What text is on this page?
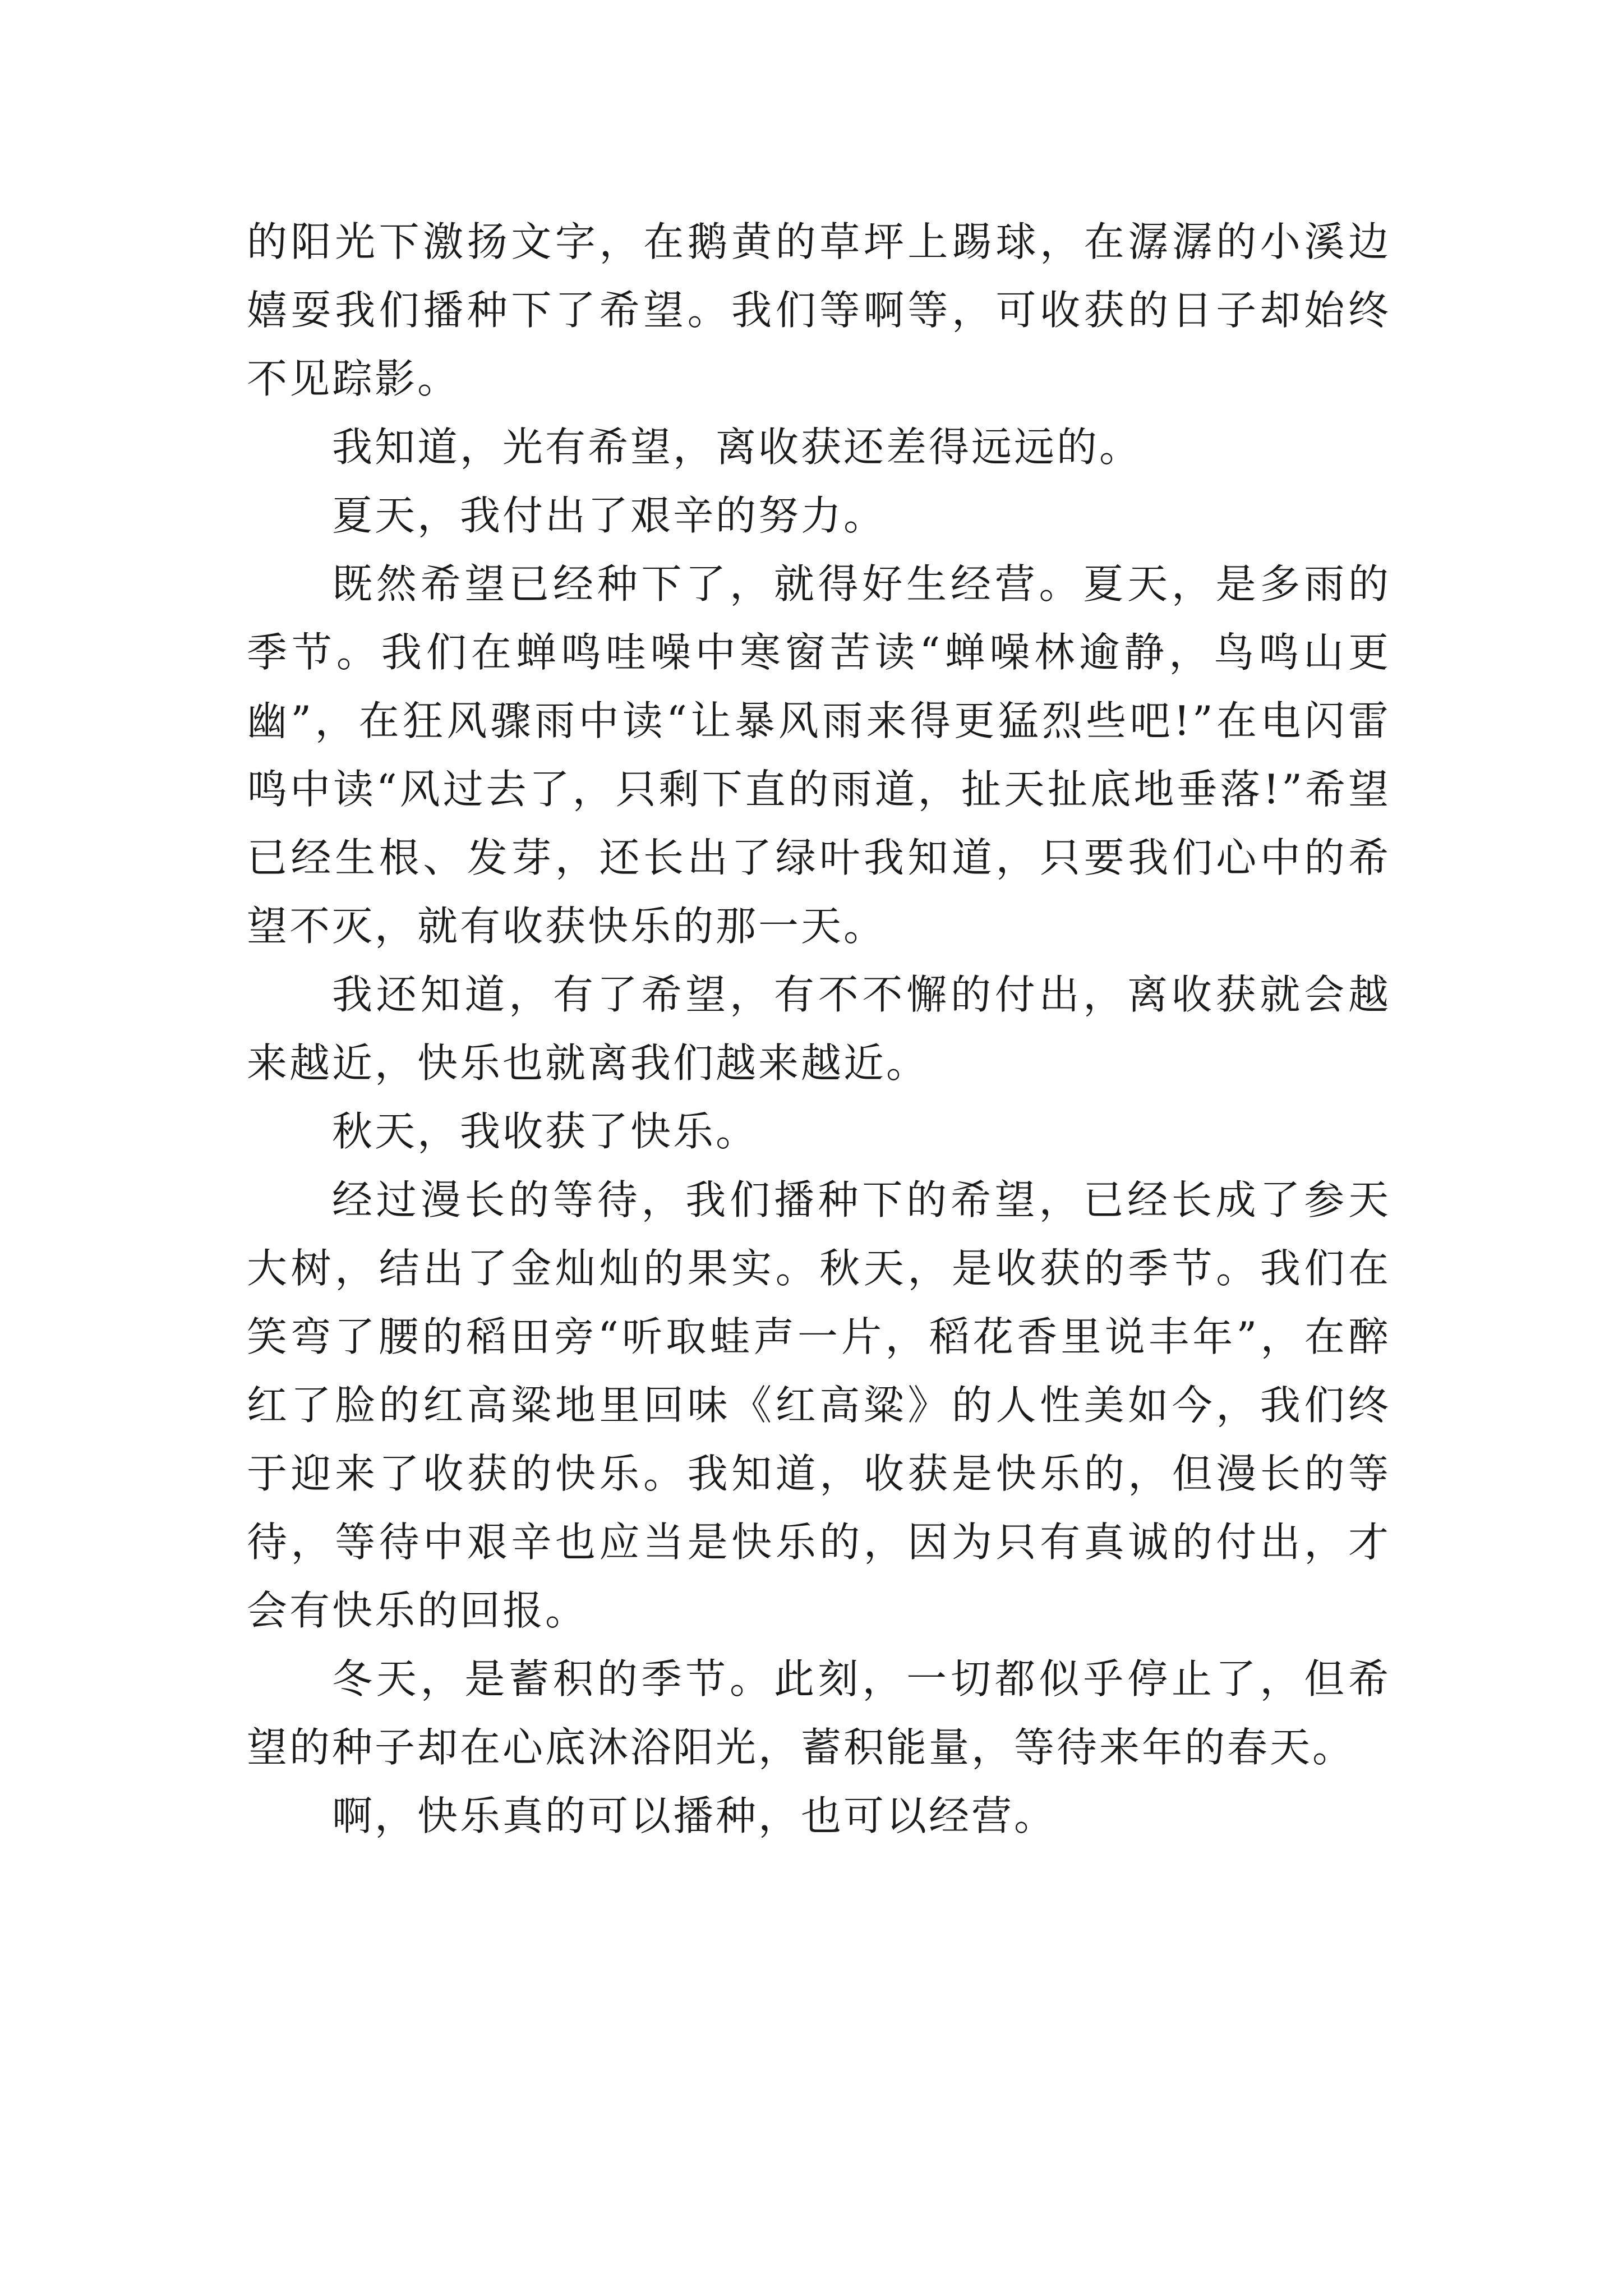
的阳光下激扬文字，在鹅黄的草坪上踢球，在潺潺的小溪边嬉耍我们播种下了希望。我们等啊等，可收获的日子却始终不见踪影。

我知道，光有希望，离收获还差得远远的。

夏天，我付出了艰辛的努力。

既然希望已经种下了，就得好生经营。夏天，是多雨的季节。我们在蝉鸣哇噪中寒窗苦读“蝉噪林逾静，鸟鸣山更幽”，在狂风骤雨中读“让暴风雨来得更猛烈些吧!”在电闪雷鸣中读“风过去了，只剩下直的雨道，扯天扯底地垂落!”希望已经生根、发芽，还长出了绿叶我知道，只要我们心中的希望不灭，就有收获快乐的那一天。

我还知道，有了希望，有不不懈的付出，离收获就会越来越近，快乐也就离我们越来越近。

秋天，我收获了快乐。

经过漫长的等待，我们播种下的希望，已经长成了参天大树，结出了金灿灿的果实。秋天，是收获的季节。我们在笑弯了腰的稻田旁“听取蛙声一片，稻花香里说丰年”，在醉红了脸的红高粱地里回味《红高粱》的人性美如今，我们终于迎来了收获的快乐。我知道，收获是快乐的，但漫长的等待，等待中艰辛也应当是快乐的，因为只有真诚的付出，才会有快乐的回报。

冬天，是蓄积的季节。此刻，一切都似乎停止了，但希望的种子却在心底沐浴阳光，蓄积能量，等待来年的春天。

啊，快乐真的可以播种，也可以经营。
